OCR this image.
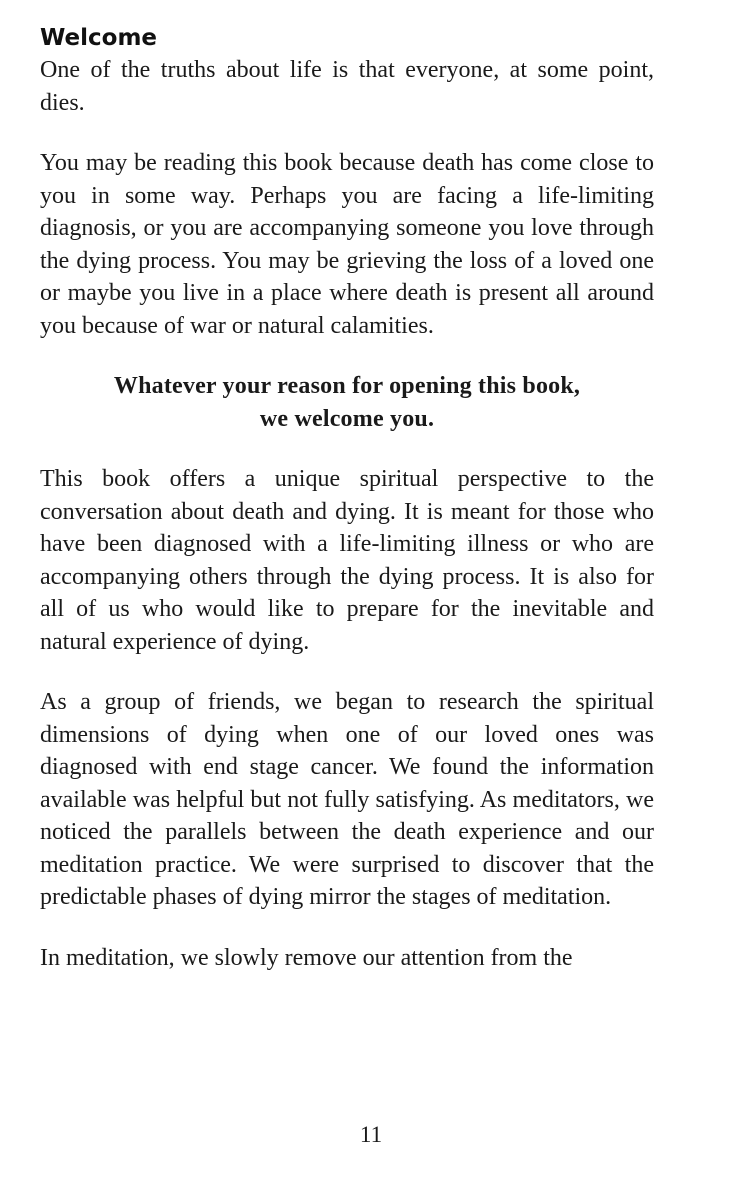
Welcome

One of the truths about life is that everyone, at some point, dies.

You may be reading this book because death has come close to you in some way. Perhaps you are facing a life-limiting diagnosis, or you are accompanying someone you love through the dying process. You may be grieving the loss of a loved one or maybe you live in a place where death is present all around you because of war or natural calamities.

Whatever your reason for opening this book,
we welcome you.

This book offers a unique spiritual perspective to the conversation about death and dying. It is meant for those who have been diagnosed with a life-limiting illness or who are accompanying others through the dying process. It is also for all of us who would like to prepare for the inevitable and natural experience of dying.

As a group of friends, we began to research the spiritual dimensions of dying when one of our loved ones was diagnosed with end stage cancer. We found the information available was helpful but not fully satisfying. As meditators, we noticed the parallels between the death experience and our meditation practice. We were surprised to discover that the predictable phases of dying mirror the stages of meditation.

In meditation, we slowly remove our attention from the

11
